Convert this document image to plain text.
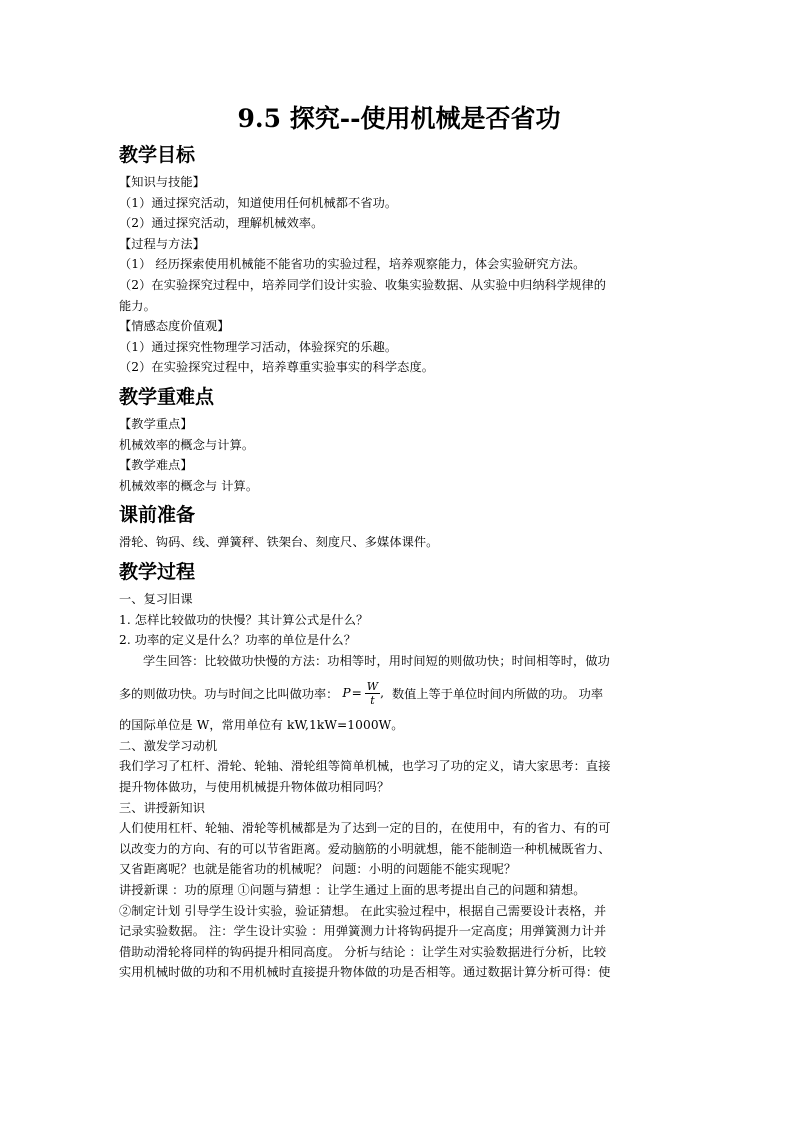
9.5 探究--使用机械是否省功
教学目标
【知识与技能】
（1）通过探究活动，知道使用任何机械都不省功。
（2）通过探究活动，理解机械效率。
【过程与方法】
（1） 经历探索使用机械能不能省功的实验过程，培养观察能力，体会实验研究方法。
（2）在实验探究过程中，培养同学们设计实验、收集实验数据、从实验中归纳科学规律的
能力。
【情感态度价值观】
（1）通过探究性物理学习活动，体验探究的乐趣。
（2）在实验探究过程中，培养尊重实验事实的科学态度。
教学重难点
【教学重点】
机械效率的概念与计算。
【教学难点】
机械效率的概念与 计算。
课前准备
滑轮、钩码、线、弹簧秤、铁架台、刻度尺、多媒体课件。
教学过程
一、复习旧课
1. 怎样比较做功的快慢？其计算公式是什么？
2. 功率的定义是什么？功率的单位是什么？
学生回答：比较做功快慢的方法：功相等时，用时间短的则做功快；时间相等时，做功
多的则做功快。功与时间之比叫做功率： $P = \frac{W}{t}$ , 数值上等于单位时间内所做的功。 功率
的国际单位是 W，常用单位有 kW,1kW=1000W。
二、激发学习动机
我们学习了杠杆、滑轮、轮轴、滑轮组等简单机械，也学习了功的定义，请大家思考：直接
提升物体做功，与使用机械提升物体做功相同吗？
三、讲授新知识
人们使用杠杆、轮轴、滑轮等机械都是为了达到一定的目的，在使用中，有的省力、有的可
以改变力的方向、有的可以节省距离。爱动脑筋的小明就想，能不能制造一种机械既省力、
又省距离呢？也就是能省功的机械呢？ 问题：小明的问题能不能实现呢？
讲授新课 ：功的原理 ①问题与猜想 ：让学生通过上面的思考提出自己的问题和猜想。
②制定计划 引导学生设计实验，验证猜想。 在此实验过程中，根据自己需要设计表格，并
记录实验数据。 注：学生设计实验 ：用弹簧测力计将钩码提升一定高度；用弹簧测力计并
借助动滑轮将同样的钩码提升相同高度。 分析与结论 ：让学生对实验数据进行分析，比较
实用机械时做的功和不用机械时直接提升物体做的功是否相等。通过数据计算分析可得：使
